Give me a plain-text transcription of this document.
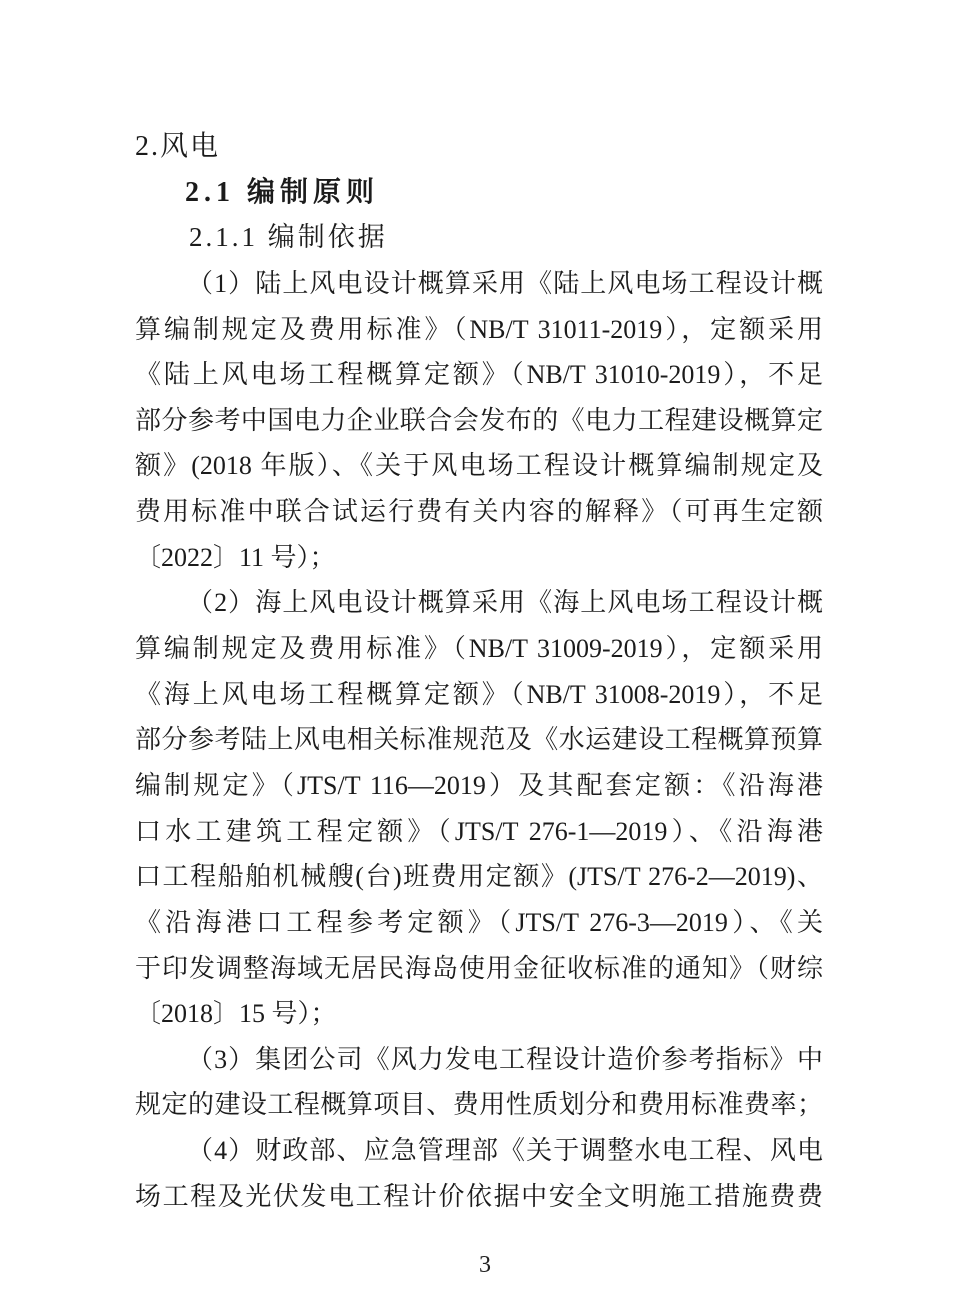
2.风电
2.1 编制原则
2.1.1 编制依据
（1）陆上风电设计概算采用《陆上风电场工程设计概
算编制规定及费用标准》（NB/T 31011-2019），定额采用
《陆上风电场工程概算定额》（NB/T 31010-2019），不足
部分参考中国电力企业联合会发布的《电力工程建设概算定
额》(2018 年版）、《关于风电场工程设计概算编制规定及
费用标准中联合试运行费有关内容的解释》（可再生定额
〔2022〕11 号）；
（2）海上风电设计概算采用《海上风电场工程设计概
算编制规定及费用标准》（NB/T 31009-2019），定额采用
《海上风电场工程概算定额》（NB/T 31008-2019），不足
部分参考陆上风电相关标准规范及《水运建设工程概算预算
编制规定》（JTS/T 116—2019）及其配套定额：《沿海港
口水工建筑工程定额》（JTS/T 276-1—2019）、《沿海港
口工程船舶机械艘(台)班费用定额》(JTS/T 276-2—2019)、
《沿海港口工程参考定额》（JTS/T 276-3—2019）、《关
于印发调整海域无居民海岛使用金征收标准的通知》（财综
〔2018〕15 号）；
（3）集团公司《风力发电工程设计造价参考指标》中
规定的建设工程概算项目、费用性质划分和费用标准费率；
（4）财政部、应急管理部《关于调整水电工程、风电
场工程及光伏发电工程计价依据中安全文明施工措施费费
3
